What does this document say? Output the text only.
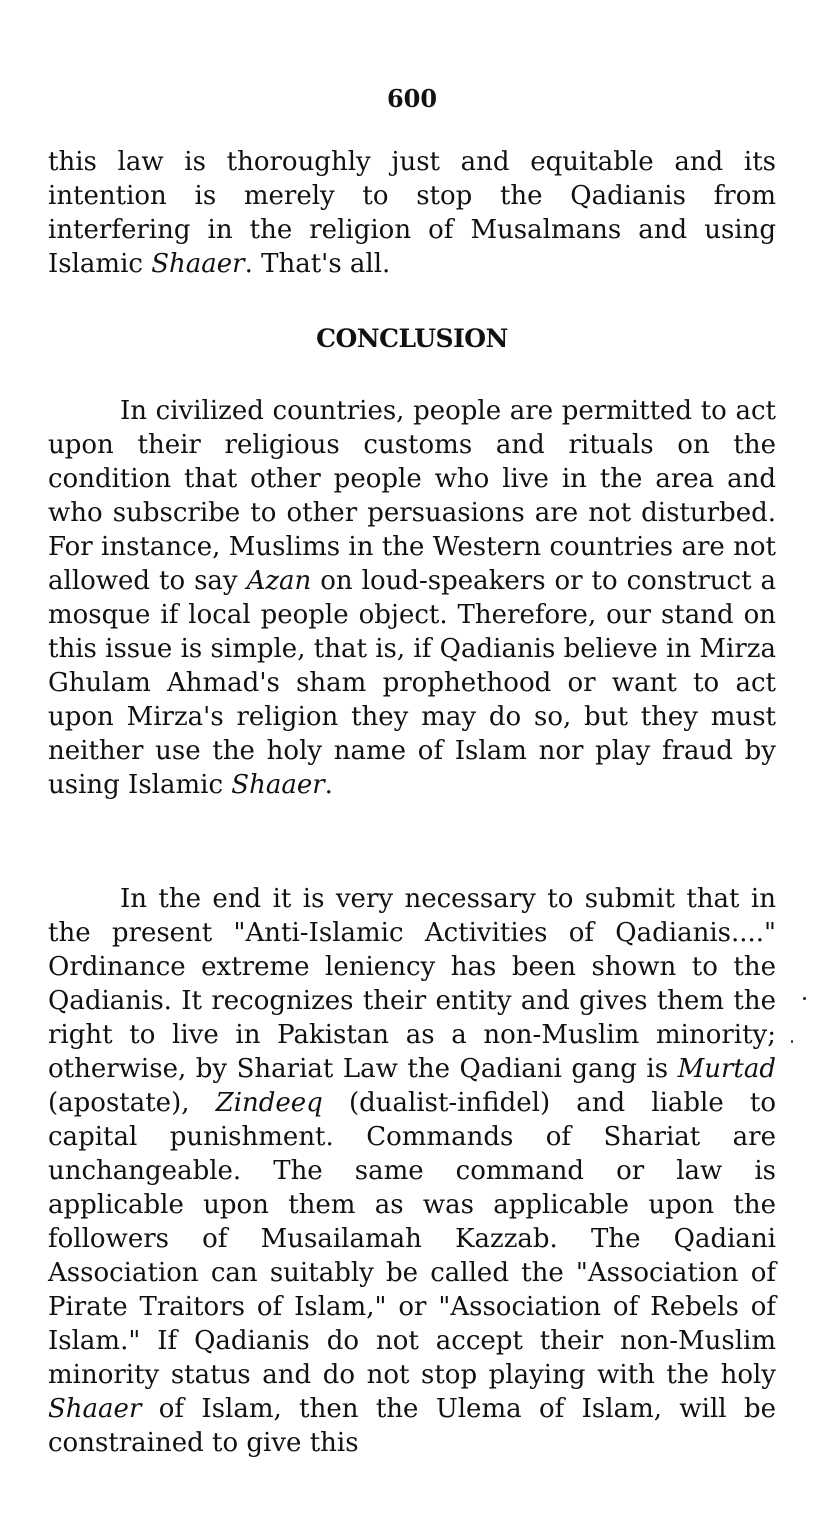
600

this law is thoroughly just and equitable and its intention is merely to stop the Qadianis from interfering in the religion of Musalmans and using Islamic Shaaer. That's all.

CONCLUSION

In civilized countries, people are permitted to act upon their religious customs and rituals on the condition that other people who live in the area and who subscribe to other persuasions are not disturbed. For instance, Muslims in the Western countries are not allowed to say Azan on loud-speakers or to construct a mosque if local people object. Therefore, our stand on this issue is simple, that is, if Qadianis believe in Mirza Ghulam Ahmad's sham prophethood or want to act upon Mirza's religion they may do so, but they must neither use the holy name of Islam nor play fraud by using Islamic Shaaer.

In the end it is very necessary to submit that in the present "Anti-Islamic Activities of Qadianis...." Ordinance extreme leniency has been shown to the Qadianis. It recognizes their entity and gives them the right to live in Pakistan as a non-Muslim minority; otherwise, by Shariat Law the Qadiani gang is Murtad (apostate), Zindeeq (dualist-infidel) and liable to capital punishment. Commands of Shariat are unchangeable. The same command or law is applicable upon them as was applicable upon the followers of Musailamah Kazzab. The Qadiani Association can suitably be called the "Association of Pirate Traitors of Islam," or "Association of Rebels of Islam." If Qadianis do not accept their non-Muslim minority status and do not stop playing with the holy Shaaer of Islam, then the Ulema of Islam, will be constrained to give this
